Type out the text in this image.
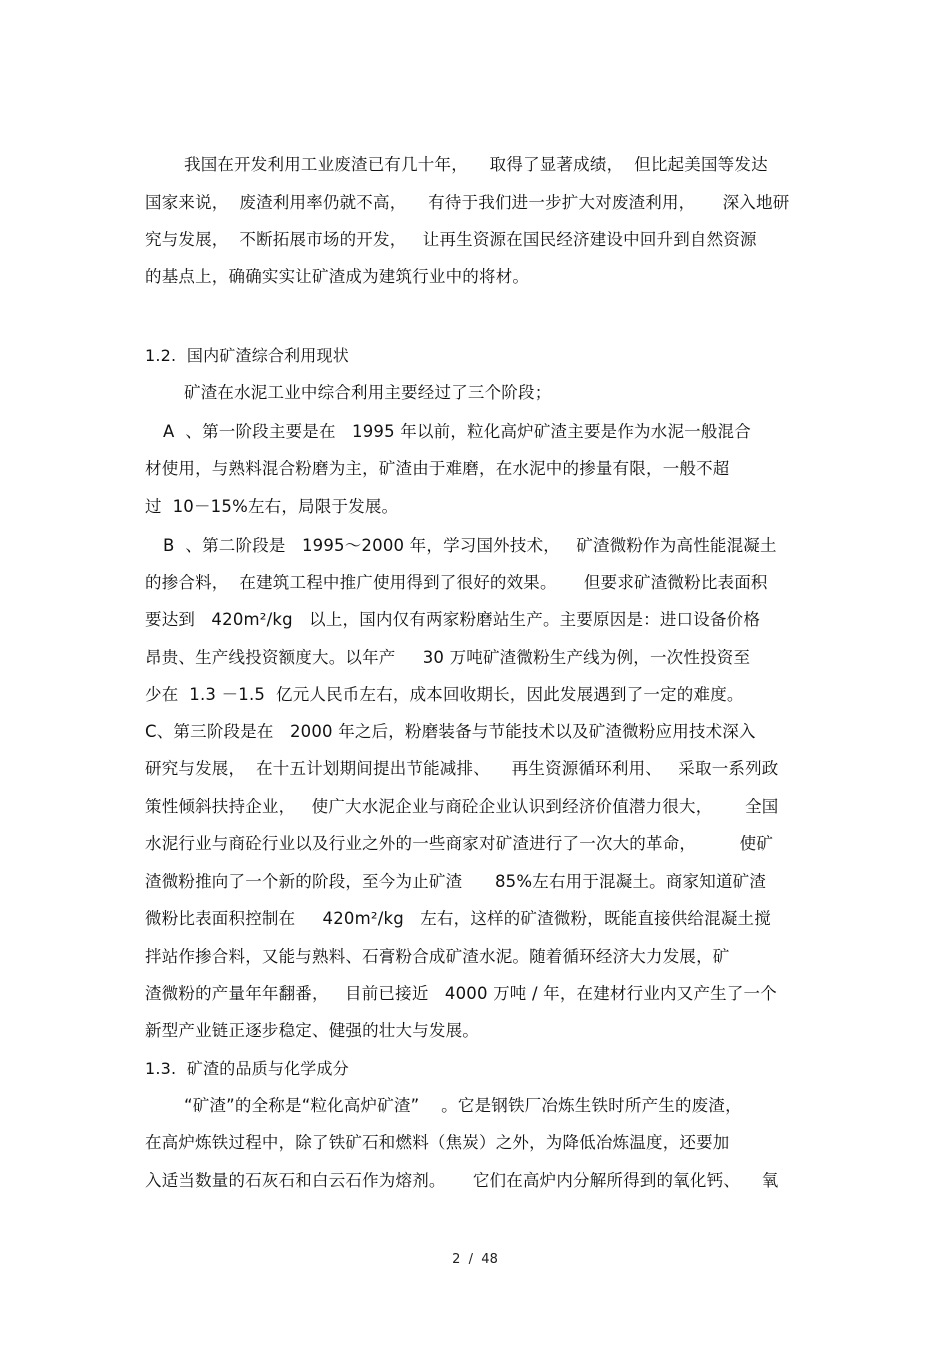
我国在开发利用工业废渣已有几十年，    取得了显著成绩，  但比起美国等发达
国家来说，  废渣利用率仍就不高，    有待于我们进一步扩大对废渣利用，     深入地研
究与发展，  不断拓展市场的开发，   让再生资源在国民经济建设中回升到自然资源
的基点上，确确实实让矿渣成为建筑行业中的将材。
1.2.  国内矿渣综合利用现状
矿渣在水泥工业中综合利用主要经过了三个阶段；
A  、第一阶段主要是在   1995 年以前，粒化高炉矿渣主要是作为水泥一般混合
材使用，与熟料混合粉磨为主，矿渣由于难磨，在水泥中的掺量有限，一般不超
过  10－15%左右，局限于发展。
B  、第二阶段是   1995～2000 年，学习国外技术，   矿渣微粉作为高性能混凝土
的掺合料，  在建筑工程中推广使用得到了很好的效果。     但要求矿渣微粉比表面积
要达到   420m²/kg   以上，国内仅有两家粉磨站生产。主要原因是：进口设备价格
昂贵、生产线投资额度大。以年产     30 万吨矿渣微粉生产线为例，一次性投资至
少在  1.3 －1.5  亿元人民币左右，成本回收期长，因此发展遇到了一定的难度。
C、第三阶段是在   2000 年之后，粉磨装备与节能技术以及矿渣微粉应用技术深入
研究与发展，  在十五计划期间提出节能减排、    再生资源循环利用、   采取一系列政
策性倾斜扶持企业，   使广大水泥企业与商砼企业认识到经济价值潜力很大，      全国
水泥行业与商砼行业以及行业之外的一些商家对矿渣进行了一次大的革命，        使矿
渣微粉推向了一个新的阶段，至今为止矿渣      85%左右用于混凝土。商家知道矿渣
微粉比表面积控制在     420m²/kg   左右，这样的矿渣微粉，既能直接供给混凝土搅
拌站作掺合料，又能与熟料、石膏粉合成矿渣水泥。随着循环经济大力发展，矿
渣微粉的产量年年翻番，   目前已接近   4000 万吨 / 年，在建材行业内又产生了一个
新型产业链正逐步稳定、健强的壮大与发展。
1.3.  矿渣的品质与化学成分
“矿渣”的全称是“粒化高炉矿渣”    。它是钢铁厂冶炼生铁时所产生的废渣，
在高炉炼铁过程中，除了铁矿石和燃料（焦炭）之外，为降低冶炼温度，还要加
入适当数量的石灰石和白云石作为熔剂。     它们在高炉内分解所得到的氧化钙、    氧
2  /  48
